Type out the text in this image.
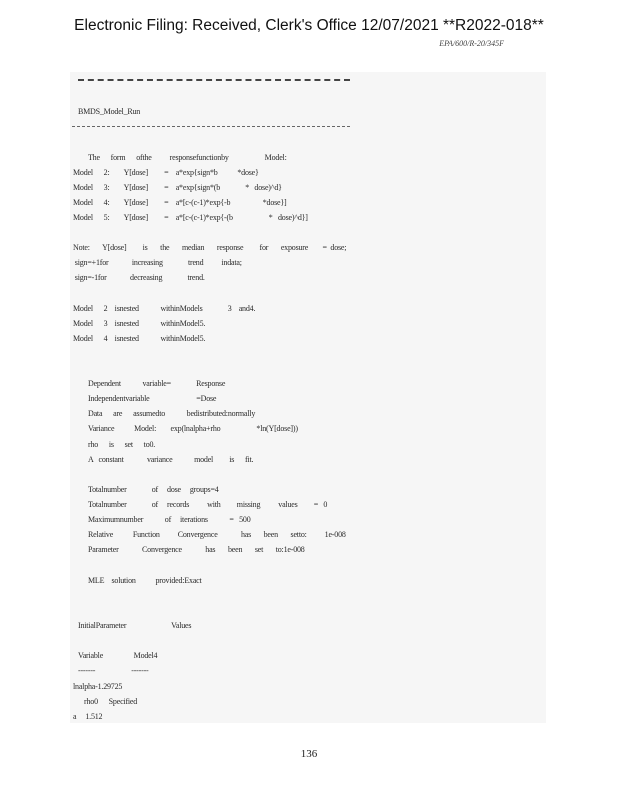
Electronic Filing: Received, Clerk's Office 12/07/2021 **R2022-018**
EPA/600/R-20/345F
BMDS_Model_Run
The      form      ofthe          responsefunctionby                    Model:
Model      2:        Y[dose]         =    a*exp{sign*b           *dose}
Model      3:        Y[dose]         =    a*exp{sign*(b              *   dose)^d}
Model      4:        Y[dose]         =    a*[c-(c-1)*exp{-b                  *dose}]
Model      5:        Y[dose]         =    a*[c-(c-1)*exp{-(b                    *   dose)^d}]
Note:       Y[dose]         is       the       median       response         for       exposure        =  dose;
sign=+1for             increasing              trend          indata;
sign=-1for             decreasing              trend.
Model      2    isnested            withinModels              3    and4.
Model      3    isnested            withinModel5.
Model      4    isnested            withinModel5.
Dependent            variable=              Response
Independentvariable                          =Dose
Data      are      assumedto            bedistributed:normally
Variance           Model:        exp(lnalpha+rho                    *ln(Y[dose]))
rho      is      set      to0.
A   constant             variance            model         is      fit.
Totalnumber              of     dose     groups=4
Totalnumber              of     records          with         missing          values         =   0
Maximumnumber            of     iterations            =   500
Relative           Function          Convergence             has       been       setto:          1e-008
Parameter             Convergence             has       been       set       to:1e-008
MLE    solution           provided:Exact
InitialParameter                         Values
Variable                 Model4
-------                    -------
lnalpha-1.29725
rho0      Specified
a     1.512
136
